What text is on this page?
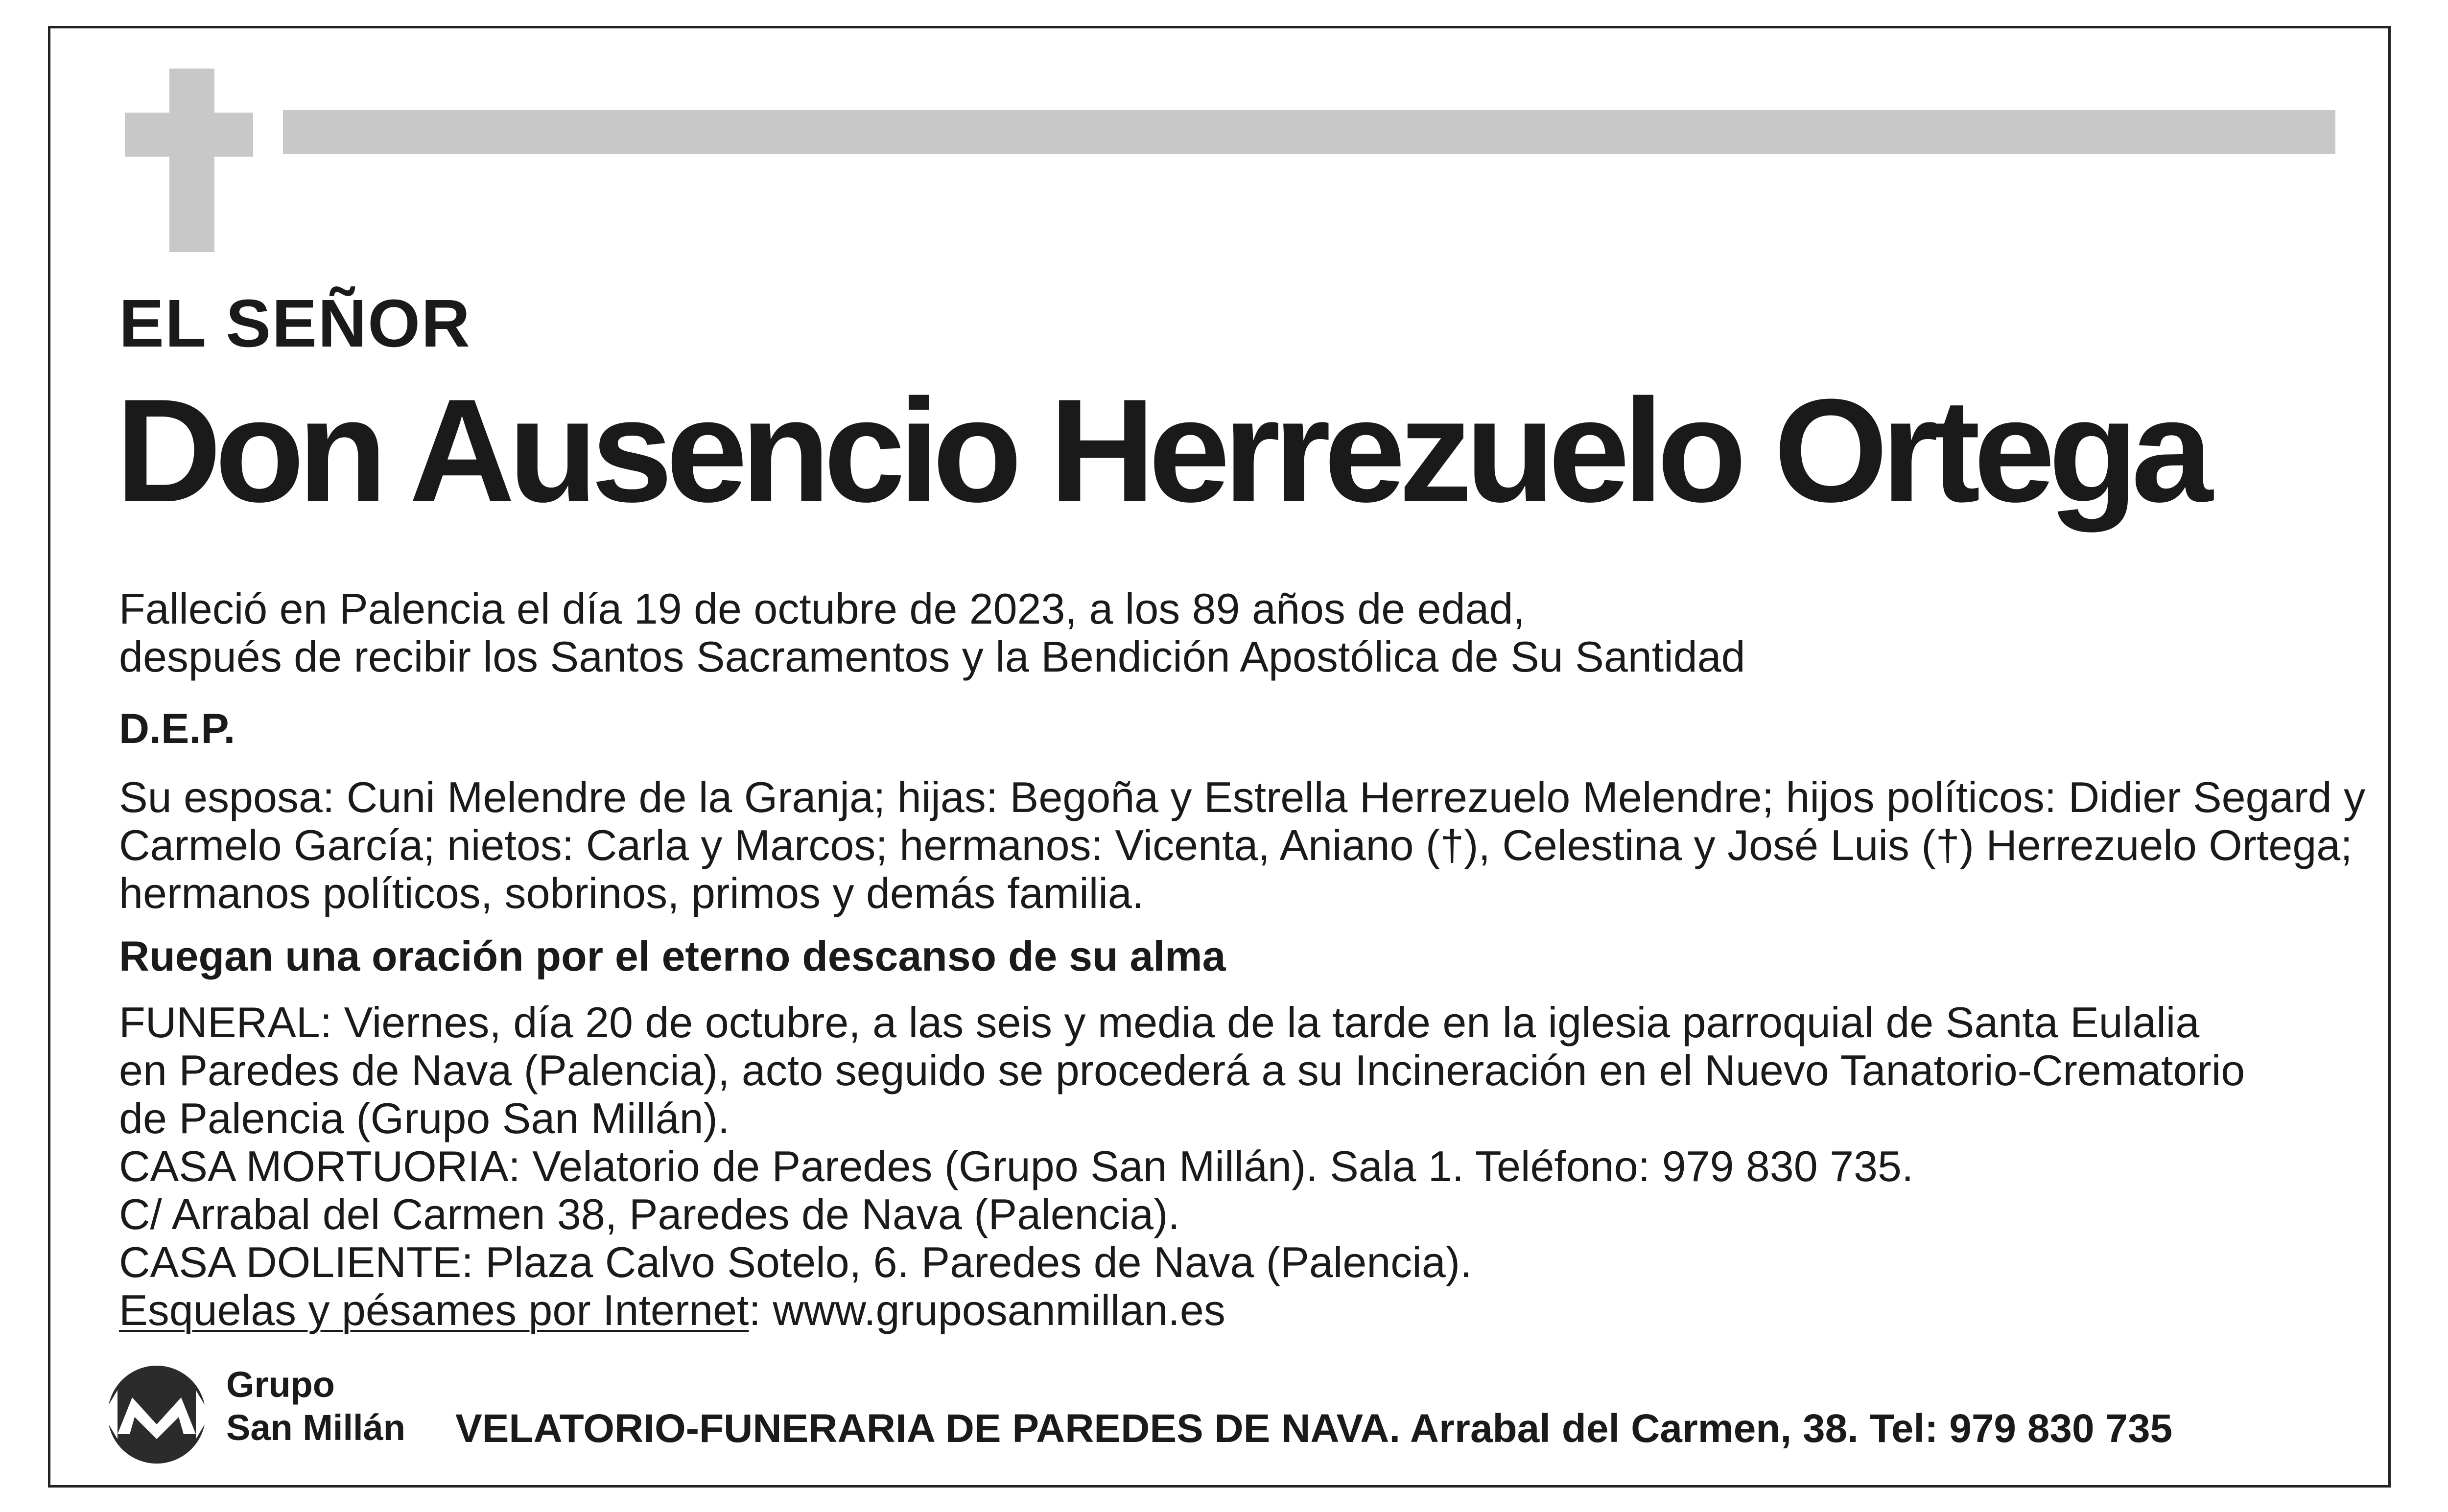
EL SEÑOR
Don Ausencio Herrezuelo Ortega
Falleció en Palencia el día 19 de octubre de 2023, a los 89 años de edad,
después de recibir los Santos Sacramentos y la Bendición Apostólica de Su Santidad
D.E.P.
Su esposa: Cuni Melendre de la Granja; hijas: Begoña y Estrella Herrezuelo Melendre; hijos políticos: Didier Segard y
Carmelo García; nietos: Carla y Marcos; hermanos: Vicenta, Aniano (†), Celestina y José Luis (†) Herrezuelo Ortega;
hermanos políticos, sobrinos, primos y demás familia.
Ruegan una oración por el eterno descanso de su alma
FUNERAL: Viernes, día 20 de octubre, a las seis y media de la tarde en la iglesia parroquial de Santa Eulalia
en Paredes de Nava (Palencia), acto seguido se procederá a su Incineración en el Nuevo Tanatorio-Crematorio
de Palencia (Grupo San Millán).
CASA MORTUORIA: Velatorio de Paredes (Grupo San Millán). Sala 1. Teléfono: 979 830 735.
C/ Arrabal del Carmen 38, Paredes de Nava (Palencia).
CASA DOLIENTE: Plaza Calvo Sotelo, 6. Paredes de Nava (Palencia).
Esquelas y pésames por Internet: www.gruposanmillan.es
Grupo
San Millán VELATORIO-FUNERARIA DE PAREDES DE NAVA. Arrabal del Carmen, 38. Tel: 979 830 735
